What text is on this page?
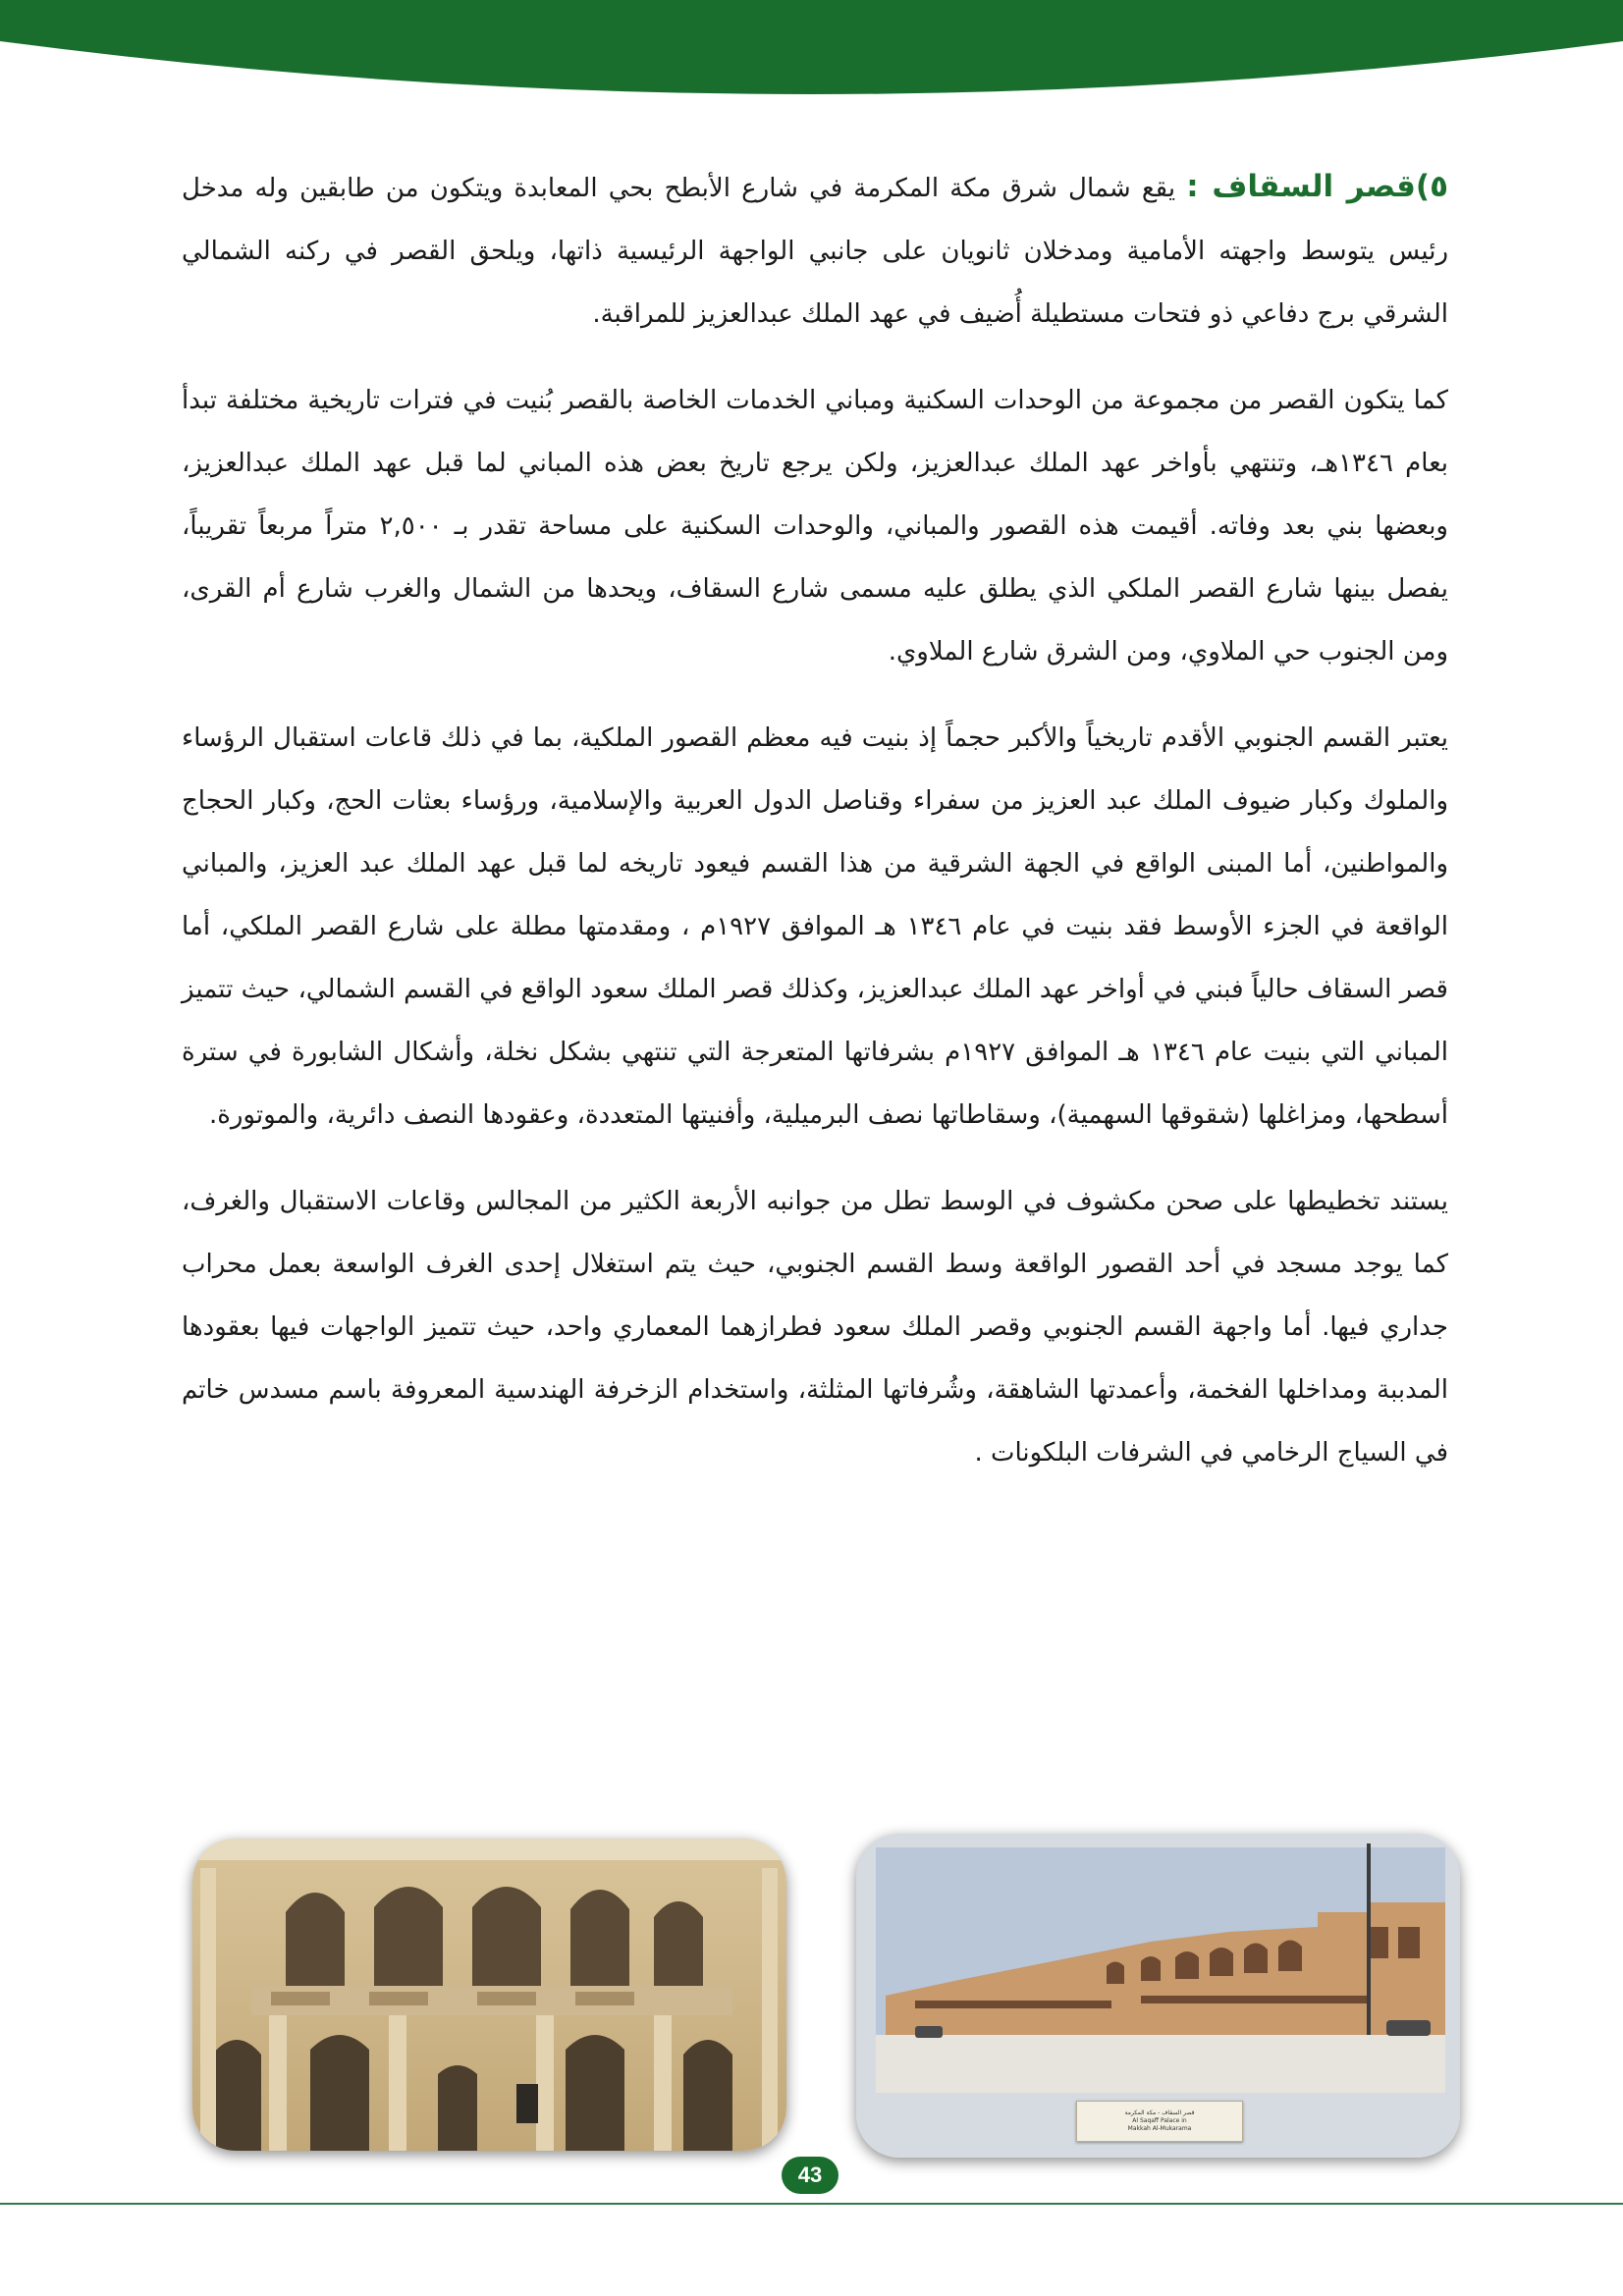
٥)قصر السقاف : يقع شمال شرق مكة المكرمة في شارع الأبطح بحي المعابدة ويتكون من طابقين وله مدخل رئيس يتوسط واجهته الأمامية ومدخلان ثانويان على جانبي الواجهة الرئيسية ذاتها، ويلحق القصر في ركنه الشمالي الشرقي برج دفاعي ذو فتحات مستطيلة أُضيف في عهد الملك عبدالعزيز للمراقبة.

كما يتكون القصر من مجموعة من الوحدات السكنية ومباني الخدمات الخاصة بالقصر بُنيت في فترات تاريخية مختلفة تبدأ بعام ١٣٤٦هـ، وتنتهي بأواخر عهد الملك عبدالعزيز، ولكن يرجع تاريخ بعض هذه المباني لما قبل عهد الملك عبدالعزيز، وبعضها بني بعد وفاته. أقيمت هذه القصور والمباني، والوحدات السكنية على مساحة تقدر بـ ٢,٥٠٠ متراً مربعاً تقريباً، يفصل بينها شارع القصر الملكي الذي يطلق عليه مسمى شارع السقاف، ويحدها من الشمال والغرب شارع أم القرى، ومن الجنوب حي الملاوي، ومن الشرق شارع الملاوي.

يعتبر القسم الجنوبي الأقدم تاريخياً والأكبر حجماً إذ بنيت فيه معظم القصور الملكية، بما في ذلك قاعات استقبال الرؤساء والملوك وكبار ضيوف الملك عبد العزيز من سفراء وقناصل الدول العربية والإسلامية، ورؤساء بعثات الحج، وكبار الحجاج والمواطنين، أما المبنى الواقع في الجهة الشرقية من هذا القسم فيعود تاريخه لما قبل عهد الملك عبد العزيز، والمباني الواقعة في الجزء الأوسط فقد بنيت في عام ١٣٤٦ هـ الموافق ١٩٢٧م ، ومقدمتها مطلة على شارع القصر الملكي، أما قصر السقاف حالياً فبني في أواخر عهد الملك عبدالعزيز، وكذلك قصر الملك سعود الواقع في القسم الشمالي، حيث تتميز المباني التي بنيت عام ١٣٤٦ هـ الموافق ١٩٢٧م بشرفاتها المتعرجة التي تنتهي بشكل نخلة، وأشكال الشابورة في سترة أسطحها، ومزاغلها (شقوقها السهمية)، وسقاطاتها نصف البرميلية، وأفنيتها المتعددة، وعقودها النصف دائرية، والموتورة.

يستند تخطيطها على صحن مكشوف في الوسط تطل من جوانبه الأربعة الكثير من المجالس وقاعات الاستقبال والغرف، كما يوجد مسجد في أحد القصور الواقعة وسط القسم الجنوبي، حيث يتم استغلال إحدى الغرف الواسعة بعمل محراب جداري فيها. أما واجهة القسم الجنوبي وقصر الملك سعود فطرازهما المعماري واحد، حيث تتميز الواجهات فيها بعقودها المدببة ومداخلها الفخمة، وأعمدتها الشاهقة، وشُرفاتها المثلثة، واستخدام الزخرفة الهندسية المعروفة باسم مسدس خاتم في السياج الرخامي في الشرفات البلكونات .

قصر السقاف - مكة المكرمة
Al Saqaff Palace in
Makkah Al-Mukarama
43
